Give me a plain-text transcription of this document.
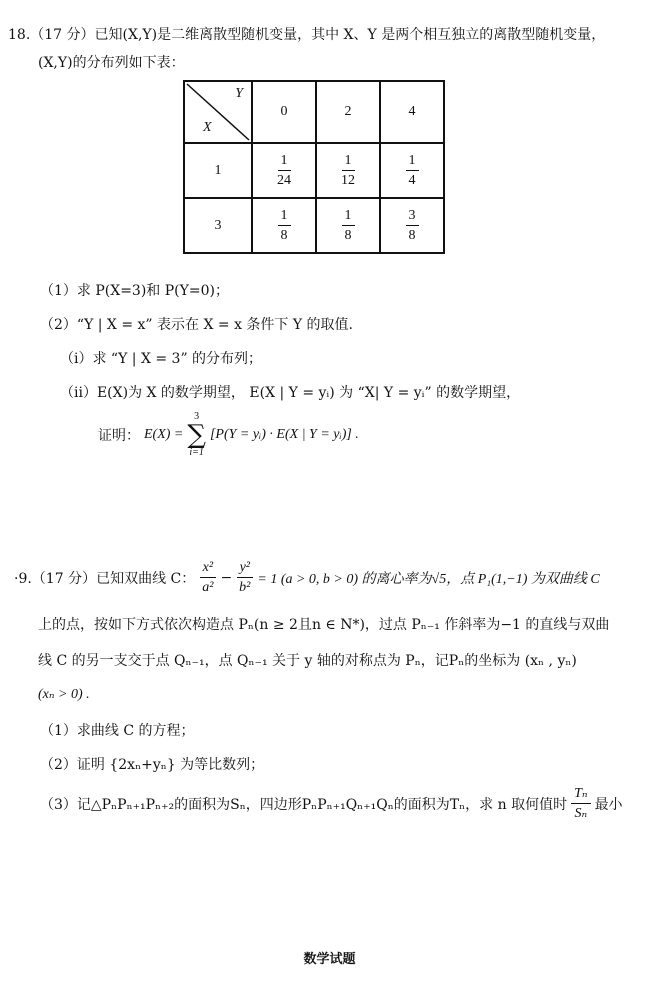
18.（17 分）已知(X,Y)是二维离散型随机变量，其中 X、Y 是两个相互独立的离散型随机变量，
(X,Y)的分布列如下表：
Y
X	0	2	4
1	$\frac{1}{24}$	$\frac{1}{12}$	$\frac{1}{4}$

3	$\frac{1}{8}$	$\frac{1}{8}$	$\frac{3}{8}$
（1）求 P(X=3)和 P(Y=0)；
（2）“Y | X = x” 表示在 X = x 条件下 Y 的取值.
（i）求 “Y | X = 3” 的分布列；
（ii）E(X)为 X 的数学期望， E(X | Y = yᵢ) 为 “X| Y = yᵢ” 的数学期望，
证明： E(X) =
3
∑
i=1
[P(Y = yᵢ) · E(X | Y = yᵢ)] .
·9.（17 分）已知双曲线 C： $\frac{\text{x²}}{\text{a²}} - \frac{\text{y²}}{\text{b²}} = 1$ (a > 0, b > 0) 的离心率为√5，点 P₁(1,−1) 为双曲线 C
上的点，按如下方式依次构造点 Pₙ(n ≥ 2且n ∈ N*)，过点 Pₙ₋₁ 作斜率为−1 的直线与双曲
线 C 的另一支交于点 Qₙ₋₁，点 Qₙ₋₁ 关于 y 轴的对称点为 Pₙ，记Pₙ的坐标为 (xₙ , yₙ)
(xₙ > 0) .
（1）求曲线 C 的方程；
（2）证明 {2xₙ+yₙ} 为等比数列；
（3）记△PₙPₙ₊₁Pₙ₊₂的面积为Sₙ，四边形PₙPₙ₊₁Qₙ₊₁Qₙ的面积为Tₙ，求 n 取何值时 $\frac{\text{Tₙ}}{\text{Sₙ}}$ 最小
数学试题
